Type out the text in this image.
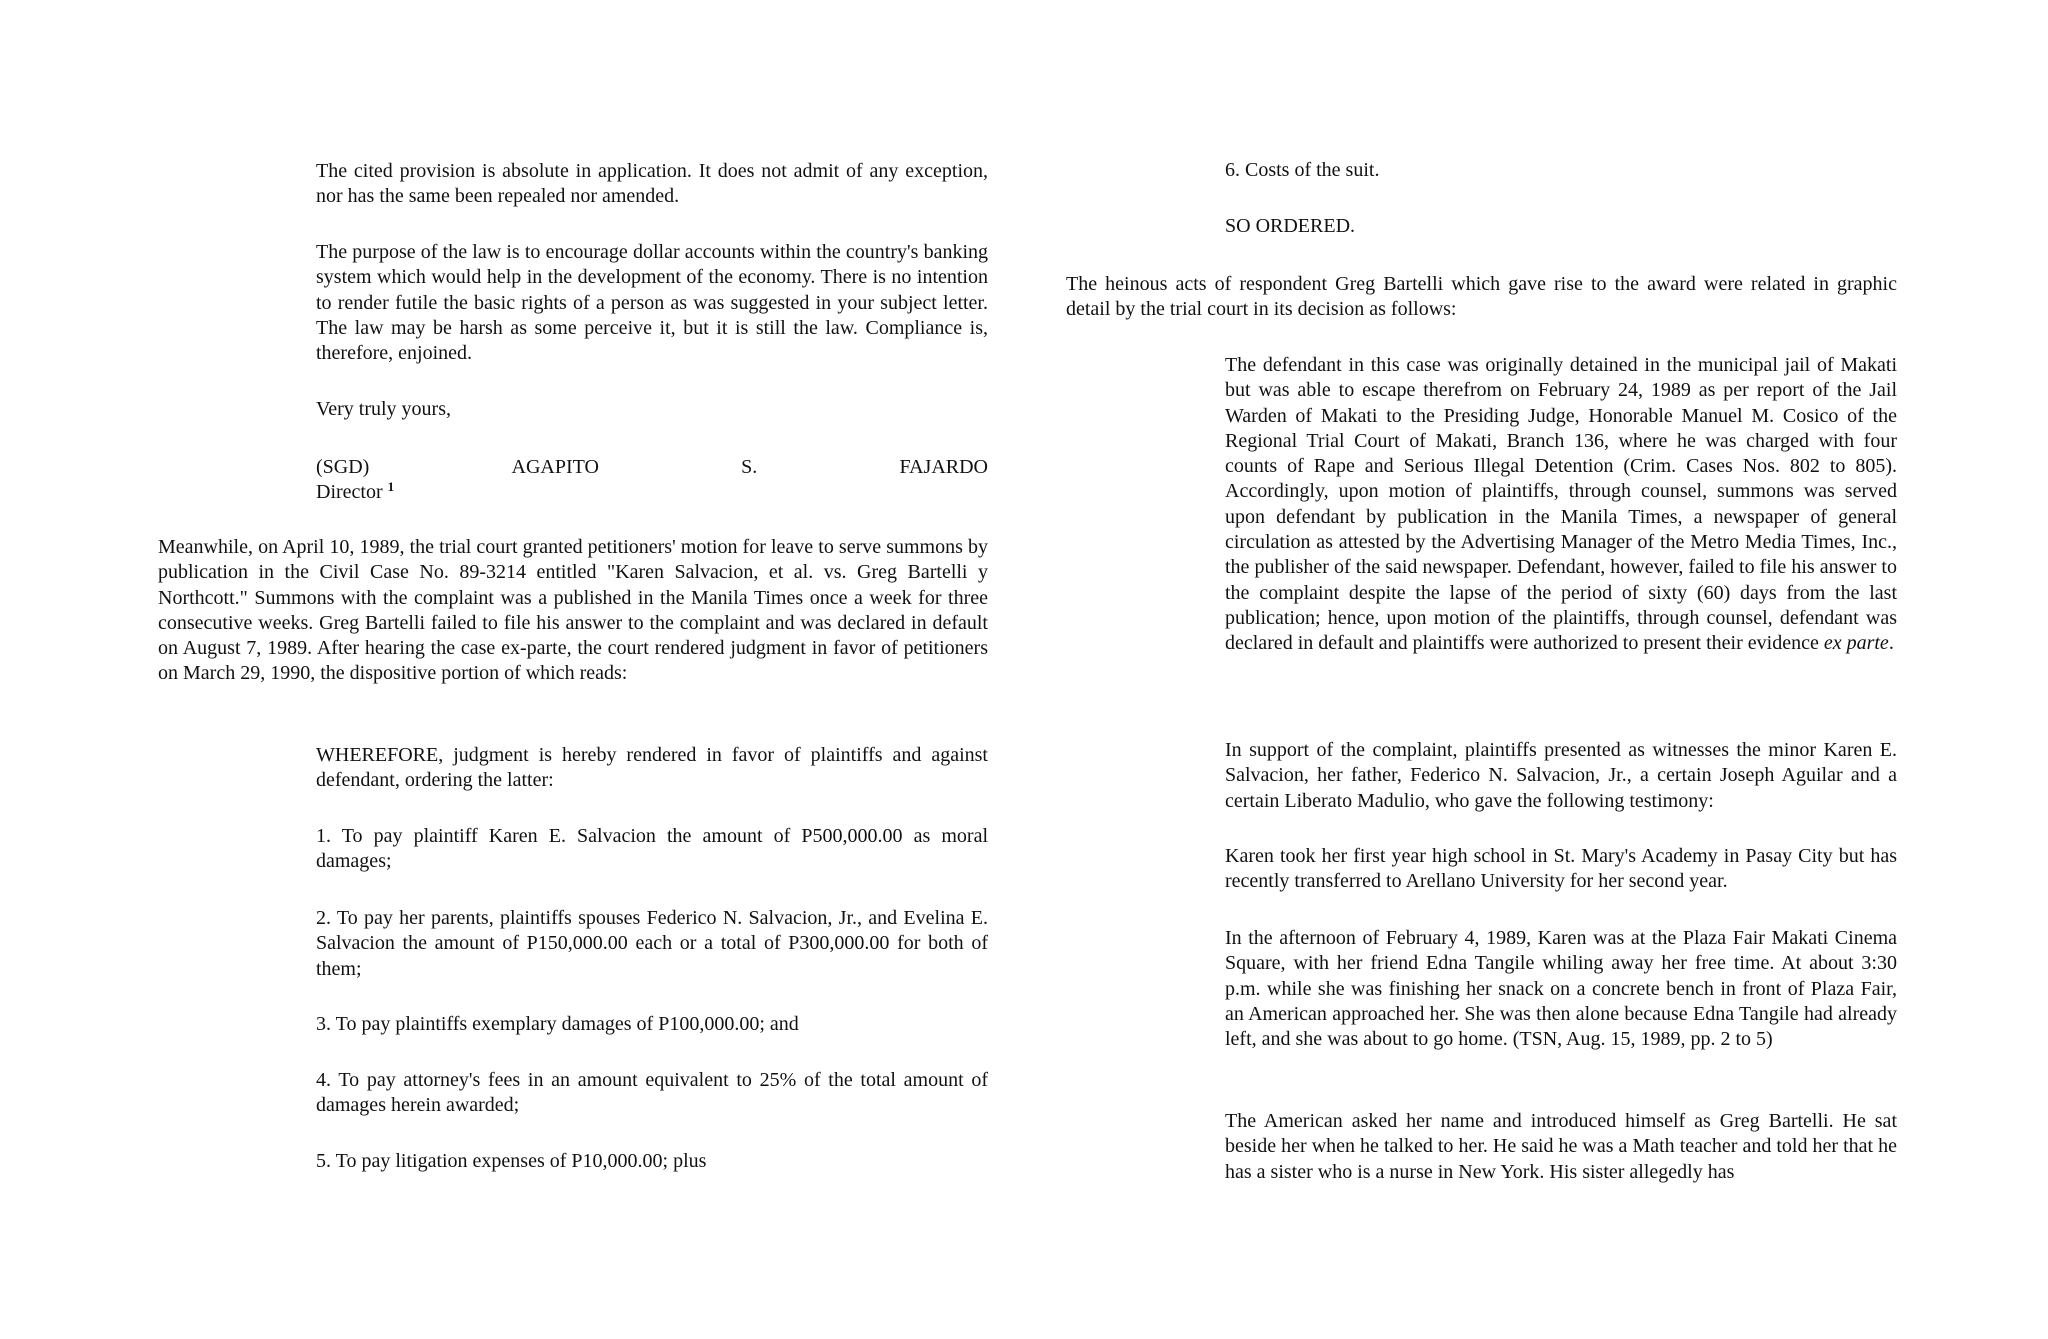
The cited provision is absolute in application. It does not admit of any exception, nor has the same been repealed nor amended.

The purpose of the law is to encourage dollar accounts within the country's banking system which would help in the development of the economy. There is no intention to render futile the basic rights of a person as was suggested in your subject letter. The law may be harsh as some perceive it, but it is still the law. Compliance is, therefore, enjoined.

Very truly yours,

(SGD)	AGAPITO	S.	FAJARDO
Director $^1$

Meanwhile, on April 10, 1989, the trial court granted petitioners' motion for leave to serve summons by publication in the Civil Case No. 89-3214 entitled "Karen Salvacion, et al. vs. Greg Bartelli y Northcott." Summons with the complaint was a published in the Manila Times once a week for three consecutive weeks. Greg Bartelli failed to file his answer to the complaint and was declared in default on August 7, 1989. After hearing the case ex-parte, the court rendered judgment in favor of petitioners on March 29, 1990, the dispositive portion of which reads:

WHEREFORE, judgment is hereby rendered in favor of plaintiffs and against defendant, ordering the latter:

1. To pay plaintiff Karen E. Salvacion the amount of P500,000.00 as moral damages;

2. To pay her parents, plaintiffs spouses Federico N. Salvacion, Jr., and Evelina E. Salvacion the amount of P150,000.00 each or a total of P300,000.00 for both of them;

3. To pay plaintiffs exemplary damages of P100,000.00; and

4. To pay attorney's fees in an amount equivalent to 25% of the total amount of damages herein awarded;

5. To pay litigation expenses of P10,000.00; plus

6. Costs of the suit.

SO ORDERED.

The heinous acts of respondent Greg Bartelli which gave rise to the award were related in graphic detail by the trial court in its decision as follows:

The defendant in this case was originally detained in the municipal jail of Makati but was able to escape therefrom on February 24, 1989 as per report of the Jail Warden of Makati to the Presiding Judge, Honorable Manuel M. Cosico of the Regional Trial Court of Makati, Branch 136, where he was charged with four counts of Rape and Serious Illegal Detention (Crim. Cases Nos. 802 to 805). Accordingly, upon motion of plaintiffs, through counsel, summons was served upon defendant by publication in the Manila Times, a newspaper of general circulation as attested by the Advertising Manager of the Metro Media Times, Inc., the publisher of the said newspaper. Defendant, however, failed to file his answer to the complaint despite the lapse of the period of sixty (60) days from the last publication; hence, upon motion of the plaintiffs, through counsel, defendant was declared in default and plaintiffs were authorized to present their evidence ex parte.

In support of the complaint, plaintiffs presented as witnesses the minor Karen E. Salvacion, her father, Federico N. Salvacion, Jr., a certain Joseph Aguilar and a certain Liberato Madulio, who gave the following testimony:

Karen took her first year high school in St. Mary's Academy in Pasay City but has recently transferred to Arellano University for her second year.

In the afternoon of February 4, 1989, Karen was at the Plaza Fair Makati Cinema Square, with her friend Edna Tangile whiling away her free time. At about 3:30 p.m. while she was finishing her snack on a concrete bench in front of Plaza Fair, an American approached her. She was then alone because Edna Tangile had already left, and she was about to go home. (TSN, Aug. 15, 1989, pp. 2 to 5)

The American asked her name and introduced himself as Greg Bartelli. He sat beside her when he talked to her. He said he was a Math teacher and told her that he has a sister who is a nurse in New York. His sister allegedly has
